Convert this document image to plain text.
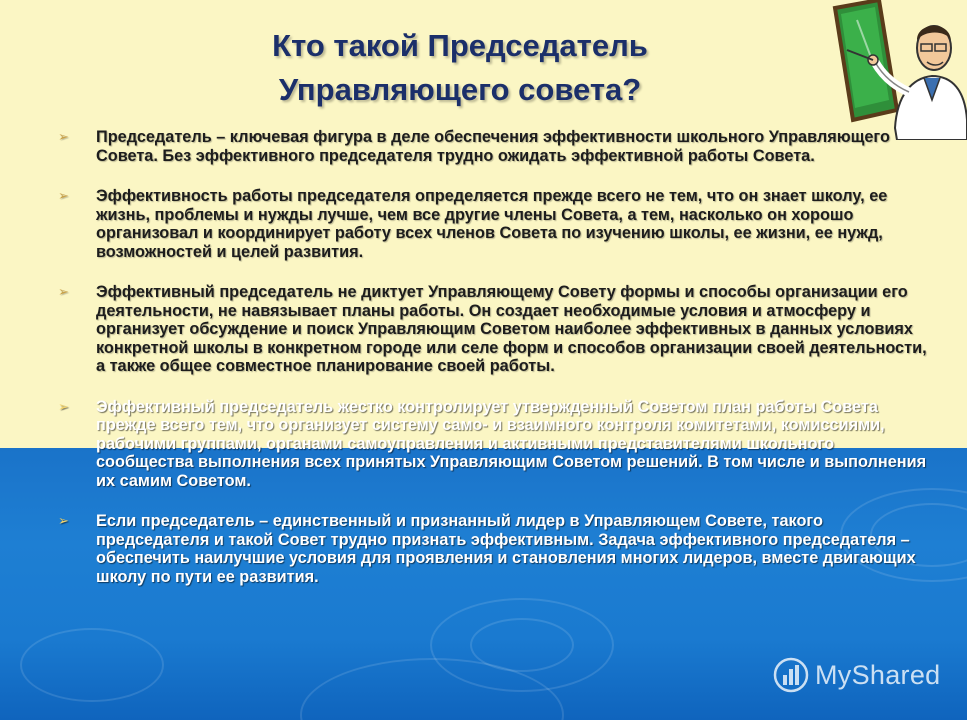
Кто такой Председатель
Управляющего совета?
➢ Председатель – ключевая фигура в деле обеспечения эффективности школьного Управляющего Совета. Без эффективного председателя трудно ожидать эффективной работы Совета.
➢ Эффективность работы председателя определяется прежде всего не тем, что он знает школу, ее жизнь, проблемы и нужды лучше, чем все другие члены Совета, а тем, насколько он хорошо организовал и координирует работу всех членов Совета по изучению школы, ее жизни, ее нужд, возможностей и целей развития.
➢ Эффективный председатель не диктует Управляющему Совету формы и способы организации его деятельности, не навязывает планы работы. Он создает необходимые условия и атмосферу и организует обсуждение и поиск Управляющим Советом наиболее эффективных в данных условиях конкретной школы в конкретном городе или селе форм и способов организации своей деятельности, а также общее совместное планирование своей работы.
➢ Эффективный председатель жестко контролирует утвержденный Советом план работы Совета прежде всего тем, что организует систему само- и взаимного контроля комитетами, комиссиями, рабочими группами, органами самоуправления и активными представителями школьного сообщества выполнения всех принятых Управляющим Советом решений. В том числе и выполнения их самим Советом.
➢ Если председатель – единственный и признанный лидер в Управляющем Совете, такого председателя и такой Совет трудно признать эффективным. Задача эффективного председателя – обеспечить наилучшие условия для проявления и становления многих лидеров, вместе двигающих школу по пути ее развития.
MyShared
